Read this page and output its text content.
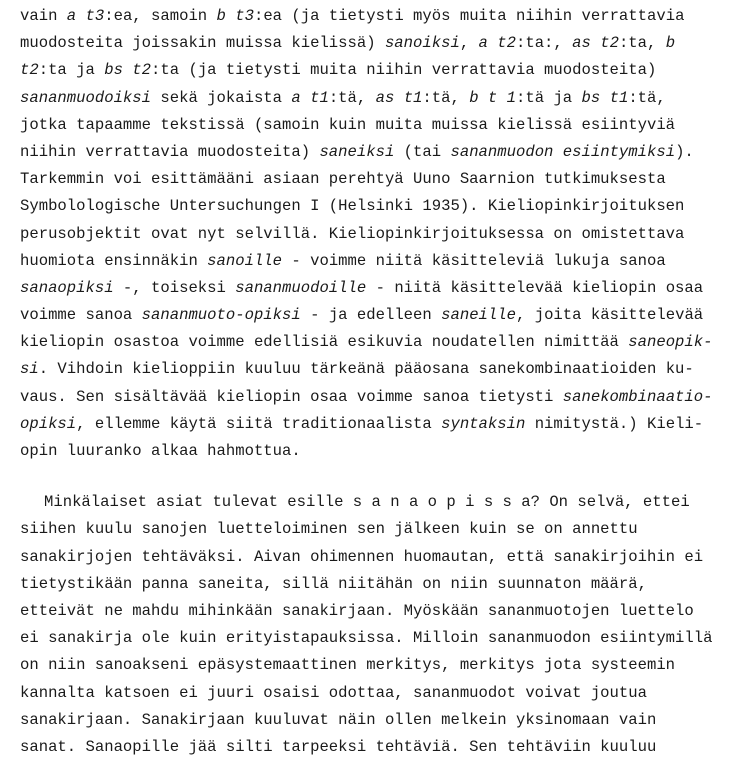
vain a t3:ea, samoin b t3:ea (ja tietysti myös muita niihin verrattavia
muodosteita joissakin muissa kielissä) sanoiksi, a t2:ta:, as t2:ta, b
t2:ta ja bs t2:ta (ja tietysti muita niihin verrattavia muodosteita)
sananmuodoiksi sekä jokaista a t1:tä, as t1:tä, b t 1:tä ja bs t1:tä,
jotka tapaamme tekstissä (samoin kuin muita muissa kielissä esiintyviä
niihin verrattavia muodosteita) saneiksi (tai sananmuodon esiintymiksi).
Tarkemmin voi esittämääni asiaan perehtyä Uuno Saarnion tutkimuksesta
Symbolologische Untersuchungen I (Helsinki 1935). Kieliopinkirjoituksen
perusobjektit ovat nyt selvillä. Kieliopinkirjoituksessa on omistettava
huomiota ensinnäkin sanoille - voimme niitä käsitteleviä lukuja sanoa
sanaopiksi -, toiseksi sananmuodoille - niitä käsittelevää kieliopin osaa
voimme sanoa sananmuoto-opiksi - ja edelleen saneille, joita käsittelevää
kieliopin osastoa voimme edellisiä esikuvia noudatellen nimittää saneopik-
si. Vihdoin kielioppiin kuuluu tärkeänä pääosana sanekombinaatioiden ku-
vaus. Sen sisältävää kieliopin osaa voimme sanoa tietysti sanekombinaatio-
opiksi, ellemme käytä siitä traditionaalista syntaksin nimitystä.) Kieli-
opin luuranko alkaa hahmottua.
Minkälaiset asiat tulevat esille s a n a o p i s s a? On selvä, ettei
siihen kuulu sanojen luetteloiminen sen jälkeen kuin se on annettu
sanakirjojen tehtäväksi. Aivan ohimennen huomautan, että sanakirjoihin ei
tietystikään panna saneita, sillä niitähän on niin suunnaton määrä,
etteivät ne mahdu mihinkään sanakirjaan. Myöskään sananmuotojen luettelo
ei sanakirja ole kuin erityistapauksissa. Milloin sananmuodon esiintymillä
on niin sanoakseni epäsystemaattinen merkitys, merkitys jota systeemin
kannalta katsoen ei juuri osaisi odottaa, sananmuodot voivat joutua
sanakirjaan. Sanakirjaan kuuluvat näin ollen melkein yksinomaan vain
sanat. Sanaopille jää silti tarpeeksi tehtäviä. Sen tehtäviin kuuluu
